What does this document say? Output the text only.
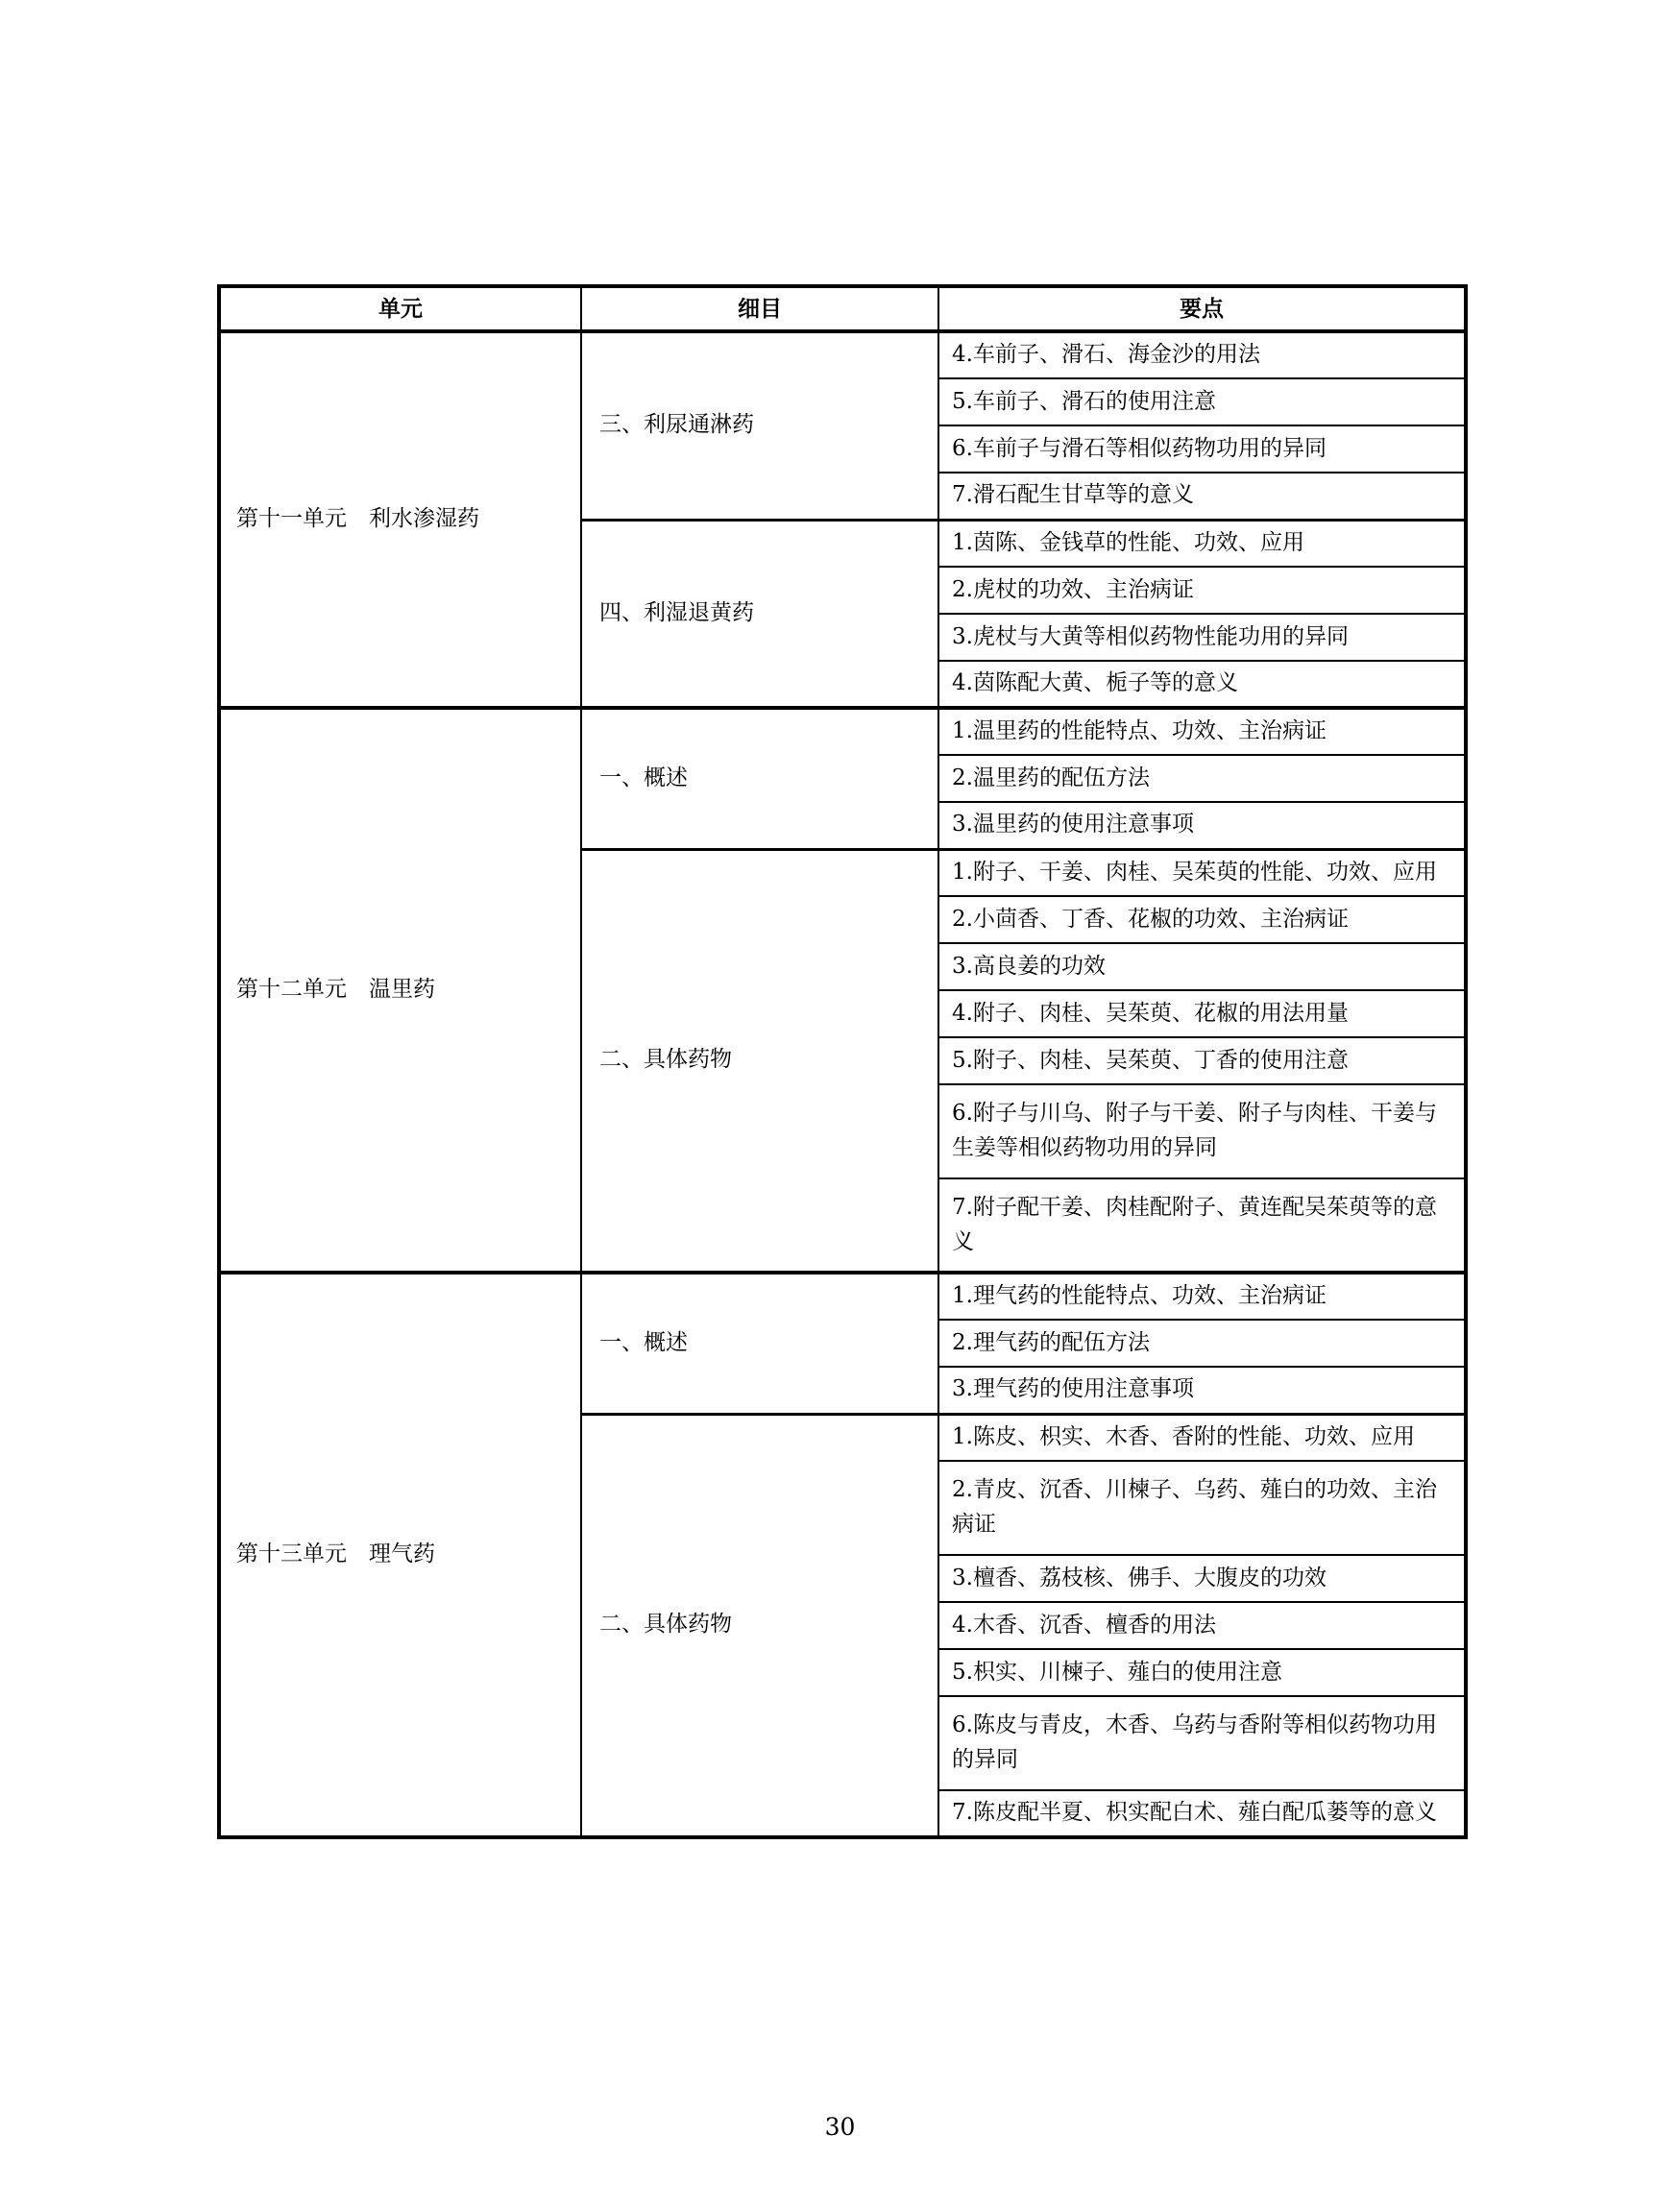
单元	细目	要点
第十一单元　利水渗湿药	三、利尿通淋药	4.车前子、滑石、海金沙的用法
		5.车前子、滑石的使用注意
		6.车前子与滑石等相似药物功用的异同
		7.滑石配生甘草等的意义
	四、利湿退黄药	1.茵陈、金钱草的性能、功效、应用
		2.虎杖的功效、主治病证
		3.虎杖与大黄等相似药物性能功用的异同
		4.茵陈配大黄、栀子等的意义
第十二单元　温里药	一、概述	1.温里药的性能特点、功效、主治病证
		2.温里药的配伍方法
		3.温里药的使用注意事项
	二、具体药物	1.附子、干姜、肉桂、吴茱萸的性能、功效、应用
		2.小茴香、丁香、花椒的功效、主治病证
		3.高良姜的功效
		4.附子、肉桂、吴茱萸、花椒的用法用量
		5.附子、肉桂、吴茱萸、丁香的使用注意
		6.附子与川乌、附子与干姜、附子与肉桂、干姜与生姜等相似药物功用的异同
		7.附子配干姜、肉桂配附子、黄连配吴茱萸等的意义
第十三单元　理气药	一、概述	1.理气药的性能特点、功效、主治病证
		2.理气药的配伍方法
		3.理气药的使用注意事项
	二、具体药物	1.陈皮、枳实、木香、香附的性能、功效、应用
		2.青皮、沉香、川楝子、乌药、薤白的功效、主治病证
		3.檀香、荔枝核、佛手、大腹皮的功效
		4.木香、沉香、檀香的用法
		5.枳实、川楝子、薤白的使用注意
		6.陈皮与青皮，木香、乌药与香附等相似药物功用的异同
		7.陈皮配半夏、枳实配白术、薤白配瓜蒌等的意义
30
